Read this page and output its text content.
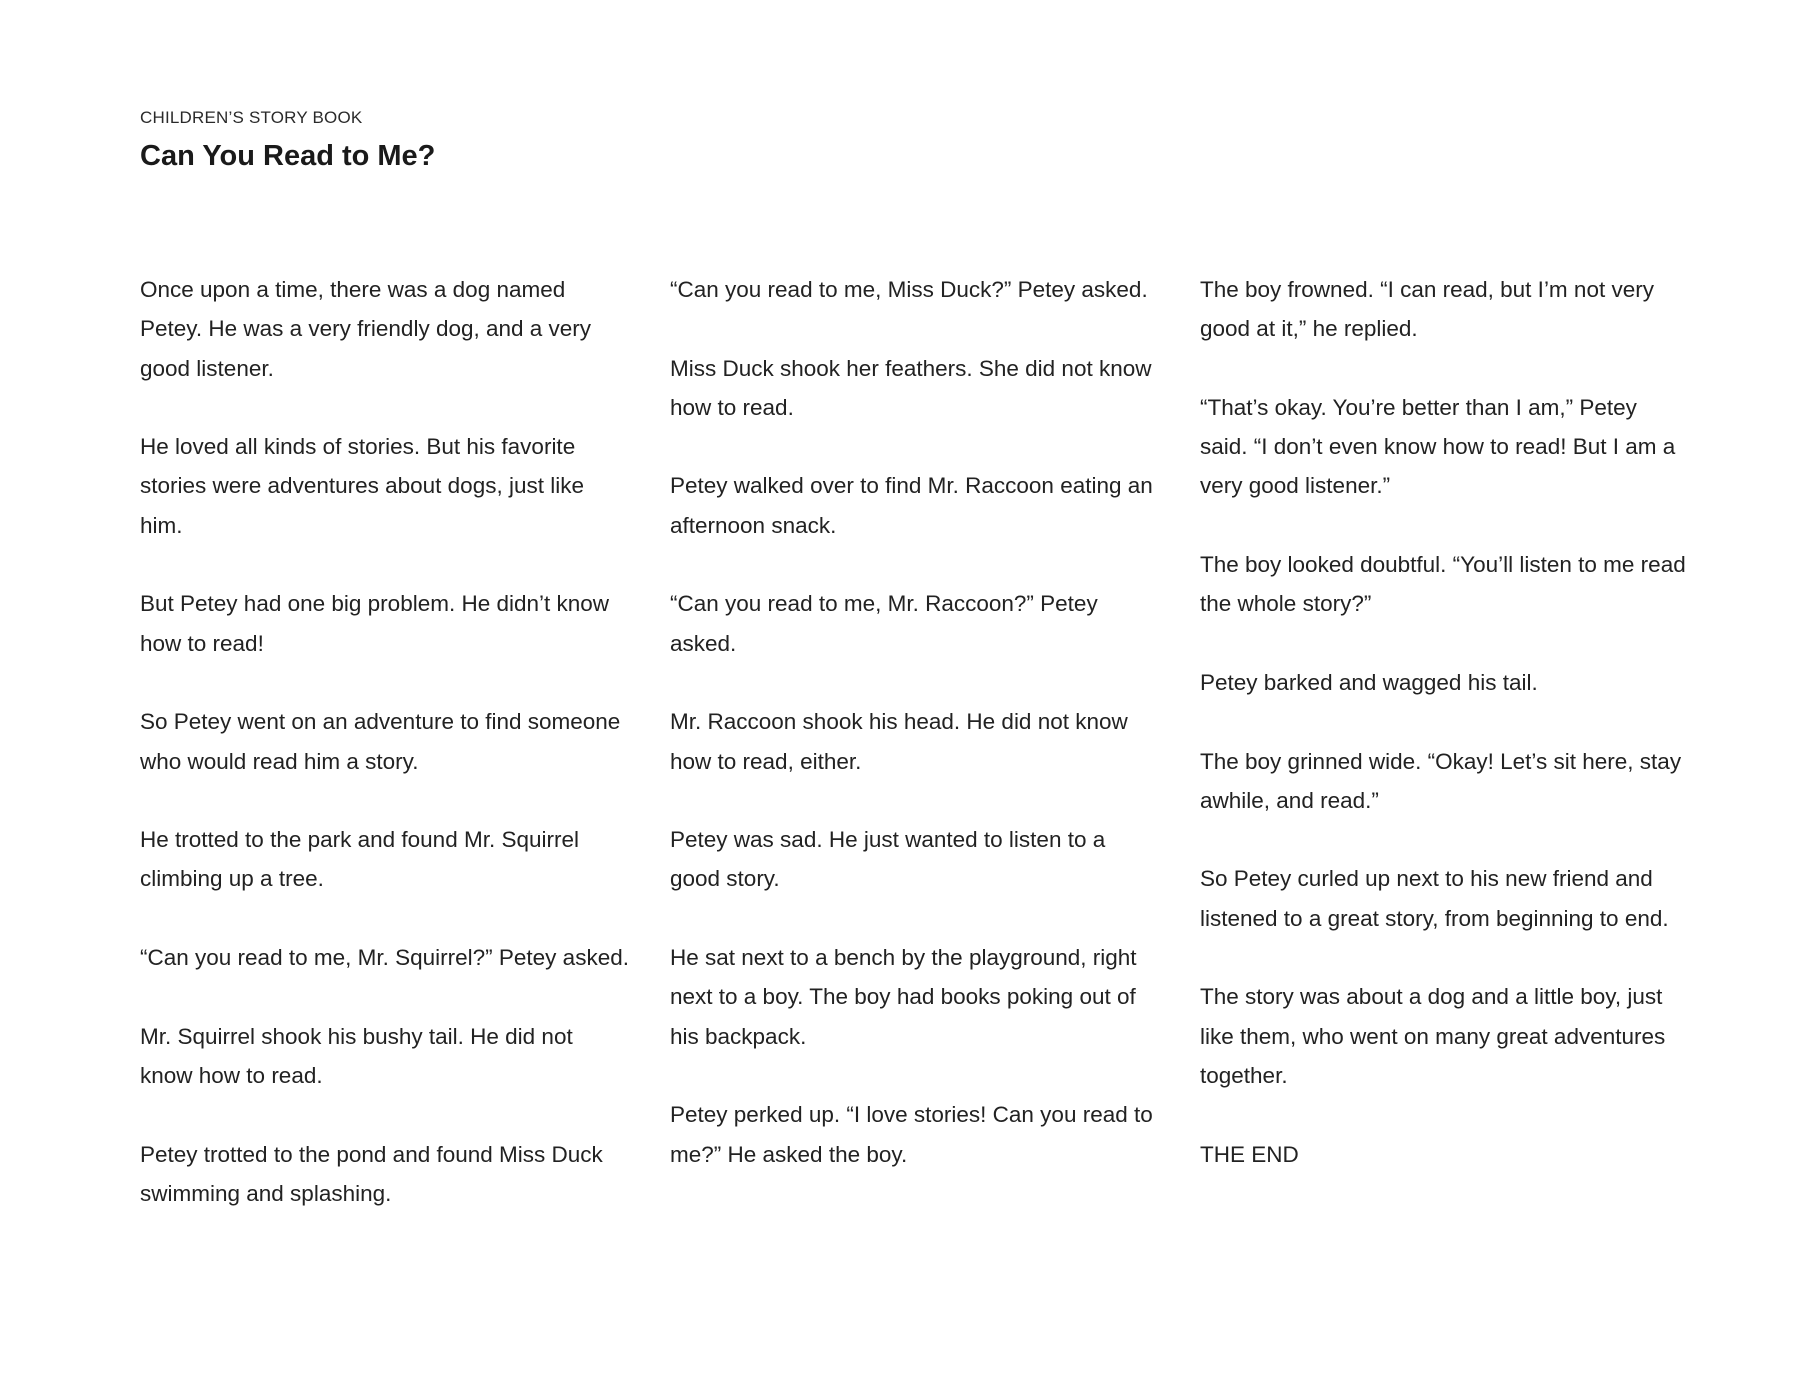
CHILDREN’S STORY BOOK
Can You Read to Me?

Once upon a time, there was a dog named Petey. He was a very friendly dog, and a very good listener.

He loved all kinds of stories. But his favorite stories were adventures about dogs, just like him.

But Petey had one big problem. He didn’t know how to read!

So Petey went on an adventure to find someone who would read him a story.

He trotted to the park and found Mr. Squirrel climbing up a tree.

“Can you read to me, Mr. Squirrel?” Petey asked.

Mr. Squirrel shook his bushy tail. He did not know how to read.

Petey trotted to the pond and found Miss Duck swimming and splashing.

“Can you read to me, Miss Duck?” Petey asked.

Miss Duck shook her feathers. She did not know how to read.

Petey walked over to find Mr. Raccoon eating an afternoon snack.

“Can you read to me, Mr. Raccoon?” Petey asked.

Mr. Raccoon shook his head. He did not know how to read, either.

Petey was sad. He just wanted to listen to a good story.

He sat next to a bench by the playground, right next to a boy. The boy had books poking out of his backpack.

Petey perked up. “I love stories! Can you read to me?” He asked the boy.

The boy frowned. “I can read, but I’m not very good at it,” he replied.

“That’s okay. You’re better than I am,” Petey said. “I don’t even know how to read! But I am a very good listener.”

The boy looked doubtful. “You’ll listen to me read the whole story?”

Petey barked and wagged his tail.

The boy grinned wide. “Okay! Let’s sit here, stay awhile, and read.”

So Petey curled up next to his new friend and listened to a great story, from beginning to end.

The story was about a dog and a little boy, just like them, who went on many great adventures together.

THE END
